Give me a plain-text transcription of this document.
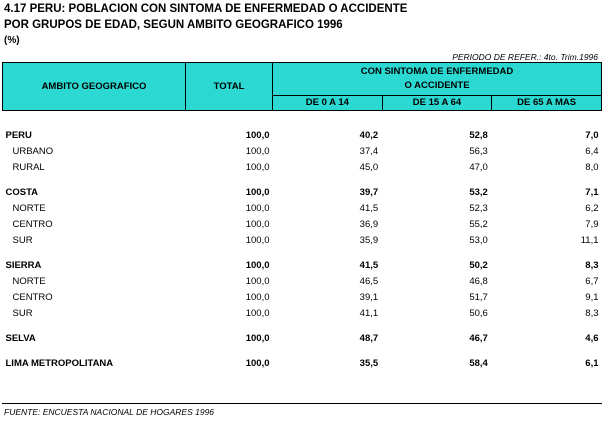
4.17 PERU: POBLACION CON SINTOMA DE ENFERMEDAD O ACCIDENTE
POR GRUPOS DE EDAD, SEGUN AMBITO GEOGRAFICO 1996
(%)
PERIODO DE REFER.: 4to. Trim.1996
AMBITO GEOGRAFICO	TOTAL	CON SINTOMA DE ENFERMEDAD
O ACCIDENTE		

		DE 0 A 14	DE 15 A 64	DE 65 A MAS

PERU	100,0	40,2	52,8	7,0
URBANO	100,0	37,4	56,3	6,4
RURAL	100,0	45,0	47,0	8,0

COSTA	100,0	39,7	53,2	7,1
NORTE	100,0	41,5	52,3	6,2
CENTRO	100,0	36,9	55,2	7,9
SUR	100,0	35,9	53,0	11,1

SIERRA	100,0	41,5	50,2	8,3
NORTE	100,0	46,5	46,8	6,7
CENTRO	100,0	39,1	51,7	9,1
SUR	100,0	41,1	50,6	8,3

SELVA	100,0	48,7	46,7	4,6

LIMA METROPOLITANA	100,0	35,5	58,4	6,1
FUENTE: ENCUESTA NACIONAL DE HOGARES 1996
